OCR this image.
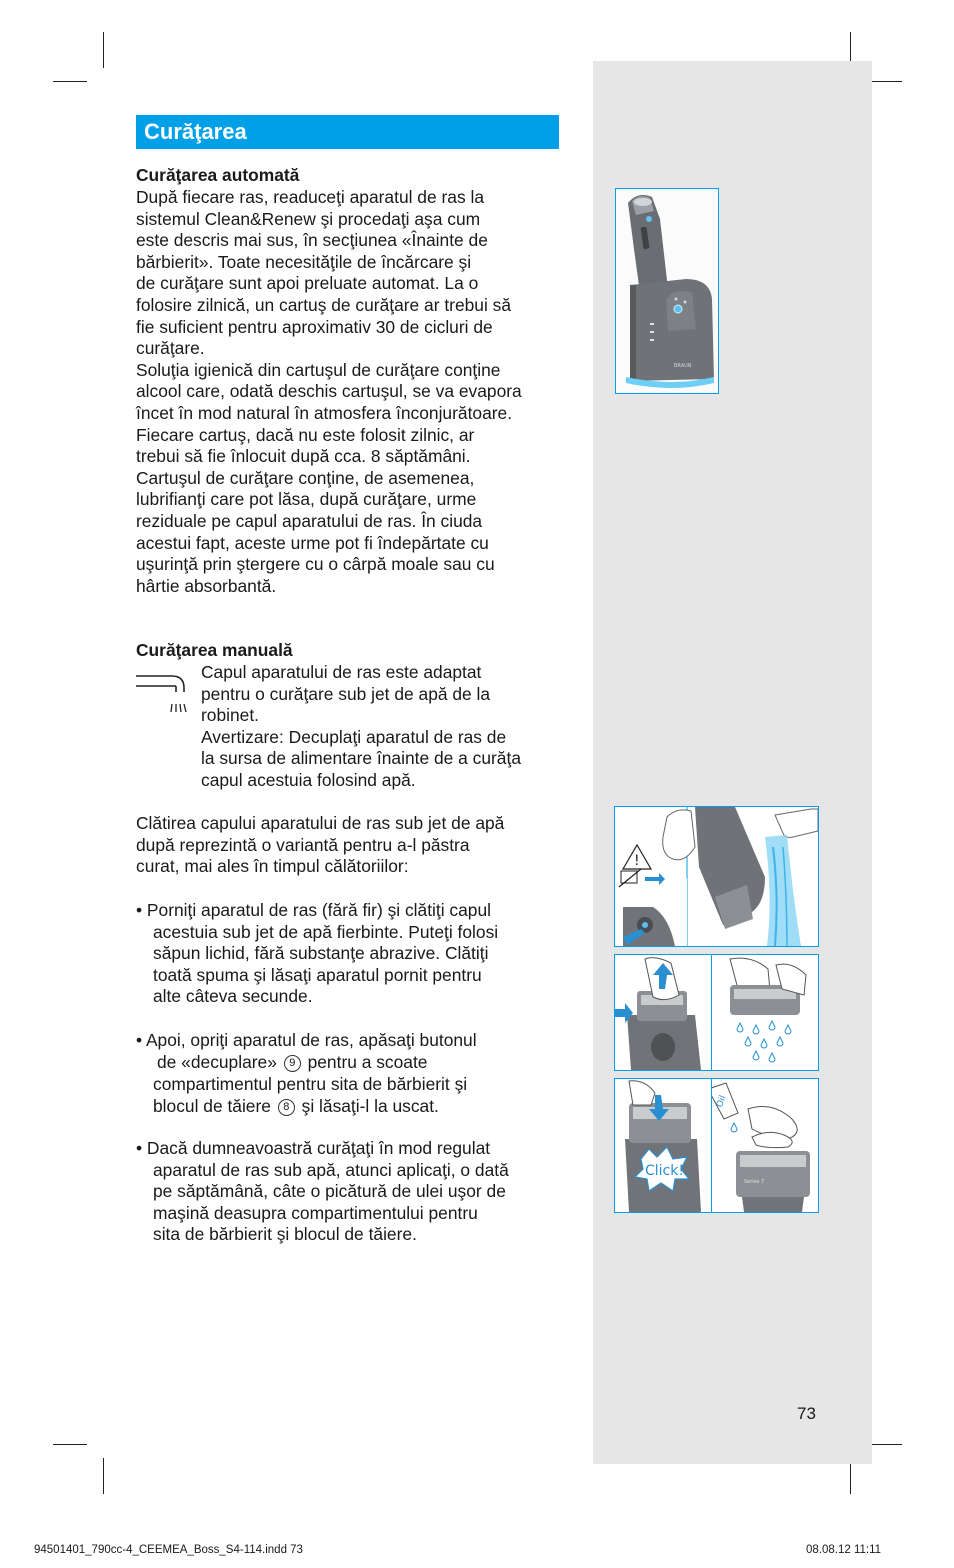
Curăţarea
Curăţarea automată
După fiecare ras, readuceţi aparatul de ras la
sistemul Clean&Renew şi procedaţi aşa cum
este descris mai sus, în secţiunea «Înainte de
bărbierit». Toate necesităţile de încărcare şi
de curăţare sunt apoi preluate automat. La o
folosire zilnică, un cartuş de curăţare ar trebui să
fie suficient pentru aproximativ 30 de cicluri de
curăţare.
Soluţia igienică din cartuşul de curăţare conţine
alcool care, odată deschis cartuşul, se va evapora
încet în mod natural în atmosfera înconjurătoare.
Fiecare cartuş, dacă nu este folosit zilnic, ar
trebui să fie înlocuit după cca. 8 săptămâni.
Cartuşul de curăţare conţine, de asemenea,
lubrifianţi care pot lăsa, după curăţare, urme
reziduale pe capul aparatului de ras. În ciuda
acestui fapt, aceste urme pot fi îndepărtate cu
uşurinţă prin ştergere cu o cârpă moale sau cu
hârtie absorbantă.
Curăţarea manuală
Capul aparatului de ras este adaptat
pentru o curăţare sub jet de apă de la
robinet.
Avertizare: Decuplaţi aparatul de ras de
la sursa de alimentare înainte de a curăţa
capul acestuia folosind apă.
Clătirea capului aparatului de ras sub jet de apă
după reprezintă o variantă pentru a-l păstra
curat, mai ales în timpul călătoriilor:
• Porniţi aparatul de ras (fără fir) şi clătiţi capul
acestuia sub jet de apă fierbinte. Puteţi folosi
săpun lichid, fără substanţe abrazive. Clătiţi
toată spuma şi lăsaţi aparatul pornit pentru
alte câteva secunde.
• Apoi, opriţi aparatul de ras, apăsaţi butonul
de «decuplare» 9 pentru a scoate
compartimentul pentru sita de bărbierit şi
blocul de tăiere 8 şi lăsaţi-l la uscat.
• Dacă dumneavoastră curăţaţi în mod regulat
aparatul de ras sub apă, atunci aplicaţi, o dată
pe săptămână, câte o picătură de ulei uşor de
maşină deasupra compartimentului pentru
sita de bărbierit şi blocul de tăiere.
BRAUN
!
Click!
Oil
Series 7
73
94501401_790cc-4_CEEMEA_Boss_S4-114.indd 73	08.08.12 11:11
